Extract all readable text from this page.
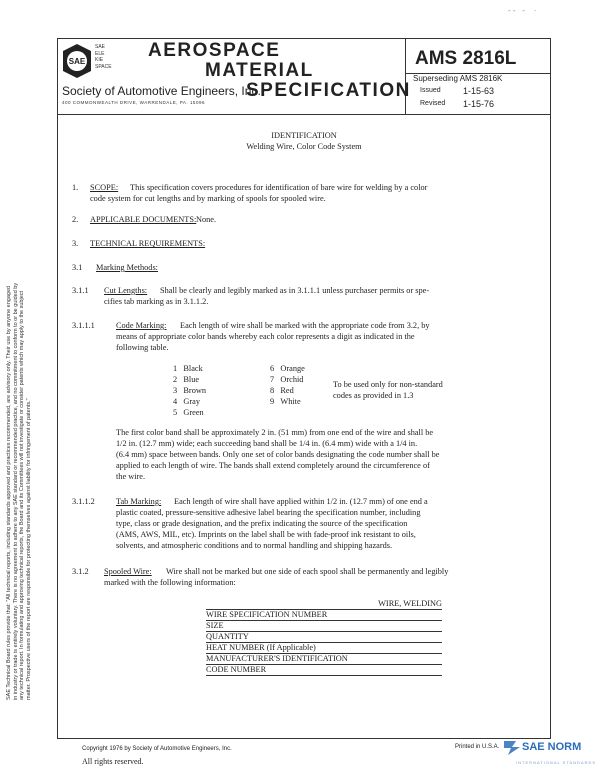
- -   -    ·
SAE
SAE
ELE
KIE
SPACE
AEROSPACE
MATERIAL
SPECIFICATION
Society of Automotive Engineers, Inc.
400 COMMONWEALTH DRIVE, WARRENDALE, PA. 15096
AMS 2816L
Superseding AMS 2816K
Issued 1-15-63
Revised 1-15-76

SAE Technical Board rules provide that: "All technical reports, including standards approved and practices recommended, are advisory only. Their use by anyone engaged in industry or trade is entirely voluntary. There is no agreement to adhere to any SAE standard or recommended practice, and no commitment to conform to or be guided by any technical report. In formulating and approving technical reports, the Board and its Committees will not investigate or consider patents which may apply to the subject matter. Prospective users of the report are responsible for protecting themselves against liability for infringement of patents."

IDENTIFICATION
Welding Wire, Color Code System
1. SCOPE: This specification covers procedures for identification of bare wire for welding by a color
code system for cut lengths and by marking of spools for spooled wire.
2. APPLICABLE DOCUMENTS: None.
3. TECHNICAL REQUIREMENTS:
3.1 Marking Methods:
3.1.1 Cut Lengths: Shall be clearly and legibly marked as in 3.1.1.1 unless purchaser permits or spe-
cifies tab marking as in 3.1.1.2.
3.1.1.1	Code Marking: Each length of wire shall be marked with the appropriate code from 3.2, by
means of appropriate color bands whereby each color represents a digit as indicated in the
following table.
1 Black
2 Blue
3 Brown
4 Gray
5 Green
6 Orange
7 Orchid
8 Red
9 White
To be used only for non-standard
codes as provided in 1.3
The first color band shall be approximately 2 in. (51 mm) from one end of the wire and shall be
1/2 in. (12.7 mm) wide; each succeeding band shall be 1/4 in. (6.4 mm) wide with a 1/4 in.
(6.4 mm) space between bands. Only one set of color bands designating the code number shall be
applied to each length of wire. The bands shall extend completely around the circumference of
the wire.
3.1.1.2	Tab Marking: Each length of wire shall have applied within 1/2 in. (12.7 mm) of one end a
plastic coated, pressure-sensitive adhesive label bearing the specification number, including
type, class or grade designation, and the prefix indicating the source of the specification
(AMS, AWS, MIL, etc). Imprints on the label shall be with fade-proof ink resistant to oils,
solvents, and atmospheric conditions and to normal handling and shipping hazards.
3.1.2 Spooled Wire: Wire shall not be marked but one side of each spool shall be permanently and legibly
marked with the following information:
WIRE, WELDING
WIRE SPECIFICATION NUMBER
SIZE
QUANTITY
HEAT NUMBER (If Applicable)
MANUFACTURER'S IDENTIFICATION
CODE NUMBER
Copyright 1976 by Society of Automotive Engineers, Inc.
All rights reserved.
Printed in U.S.A. SAE NORM
INTERNATIONAL STANDARDS
